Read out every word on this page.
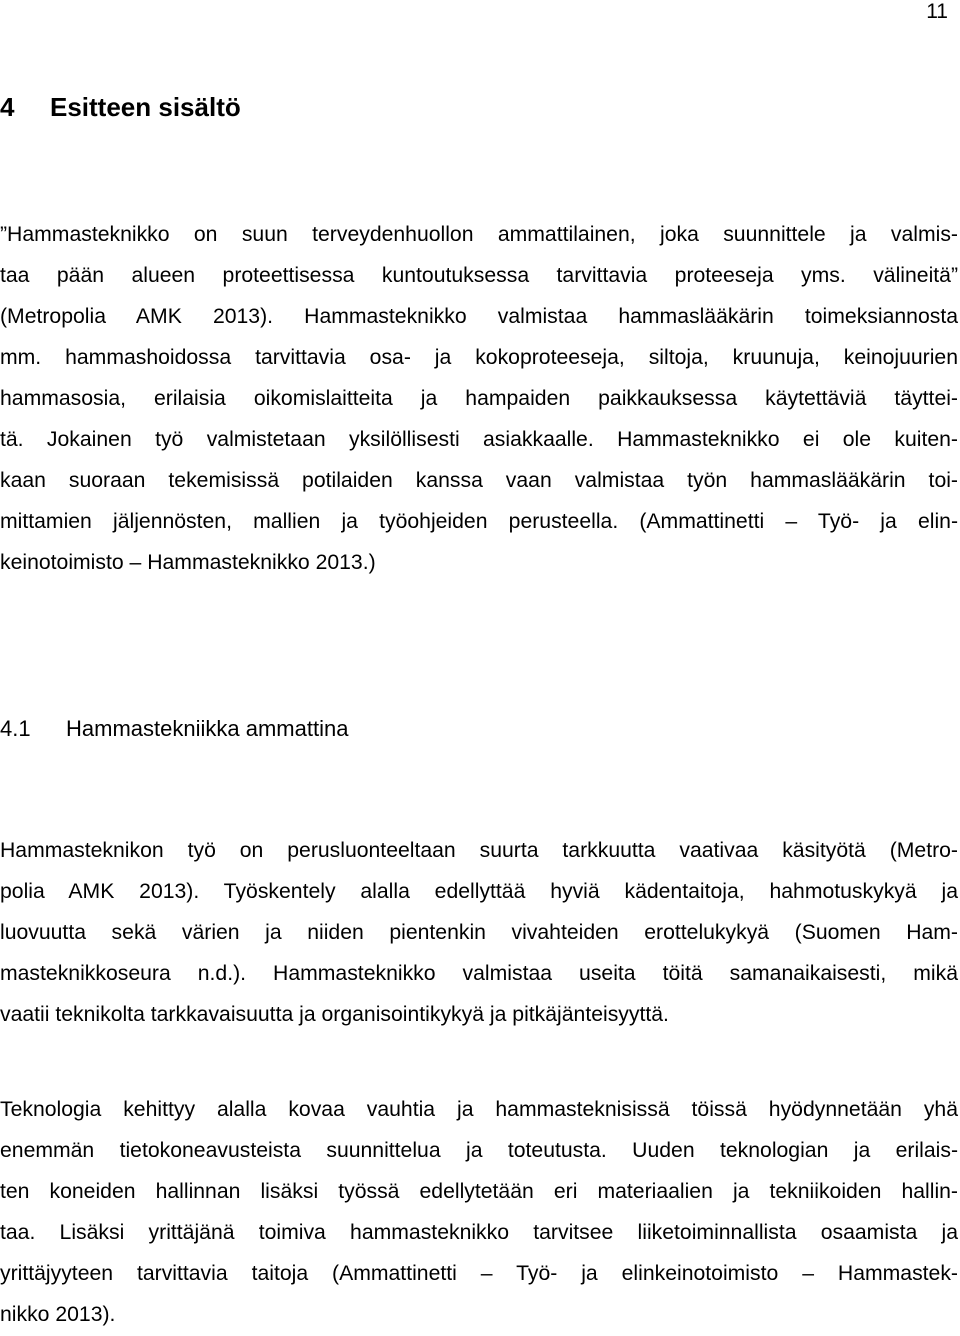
11
4 Esitteen sisältö
”Hammasteknikko on suun terveydenhuollon ammattilainen, joka suunnittele ja valmis-
taa pään alueen proteettisessa kuntoutuksessa tarvittavia proteeseja yms. välineitä”
(Metropolia AMK 2013). Hammasteknikko valmistaa hammaslääkärin toimeksiannosta
mm. hammashoidossa tarvittavia osa- ja kokoproteeseja, siltoja, kruunuja, keinojuurien
hammasosia, erilaisia oikomislaitteita ja hampaiden paikkauksessa käytettäviä täyttei-
tä. Jokainen työ valmistetaan yksilöllisesti asiakkaalle. Hammasteknikko ei ole kuiten-
kaan suoraan tekemisissä potilaiden kanssa vaan valmistaa työn hammaslääkärin toi-
mittamien jäljennösten, mallien ja työohjeiden perusteella. (Ammattinetti – Työ- ja elin-
keinotoimisto – Hammasteknikko 2013.)
4.1 Hammastekniikka ammattina
Hammasteknikon työ on perusluonteeltaan suurta tarkkuutta vaativaa käsityötä (Metro-
polia AMK 2013). Työskentely alalla edellyttää hyviä kädentaitoja, hahmotuskykyä ja
luovuutta sekä värien ja niiden pientenkin vivahteiden erottelukykyä (Suomen Ham-
masteknikkoseura n.d.). Hammasteknikko valmistaa useita töitä samanaikaisesti, mikä
vaatii teknikolta tarkkavaisuutta ja organisointikykyä ja pitkäjänteisyyttä.
Teknologia kehittyy alalla kovaa vauhtia ja hammasteknisissä töissä hyödynnetään yhä
enemmän tietokoneavusteista suunnittelua ja toteutusta. Uuden teknologian ja erilais-
ten koneiden hallinnan lisäksi työssä edellytetään eri materiaalien ja tekniikoiden hallin-
taa. Lisäksi yrittäjänä toimiva hammasteknikko tarvitsee liiketoiminnallista osaamista ja
yrittäjyyteen tarvittavia taitoja (Ammattinetti – Työ- ja elinkeinotoimisto – Hammastek-
nikko 2013).
